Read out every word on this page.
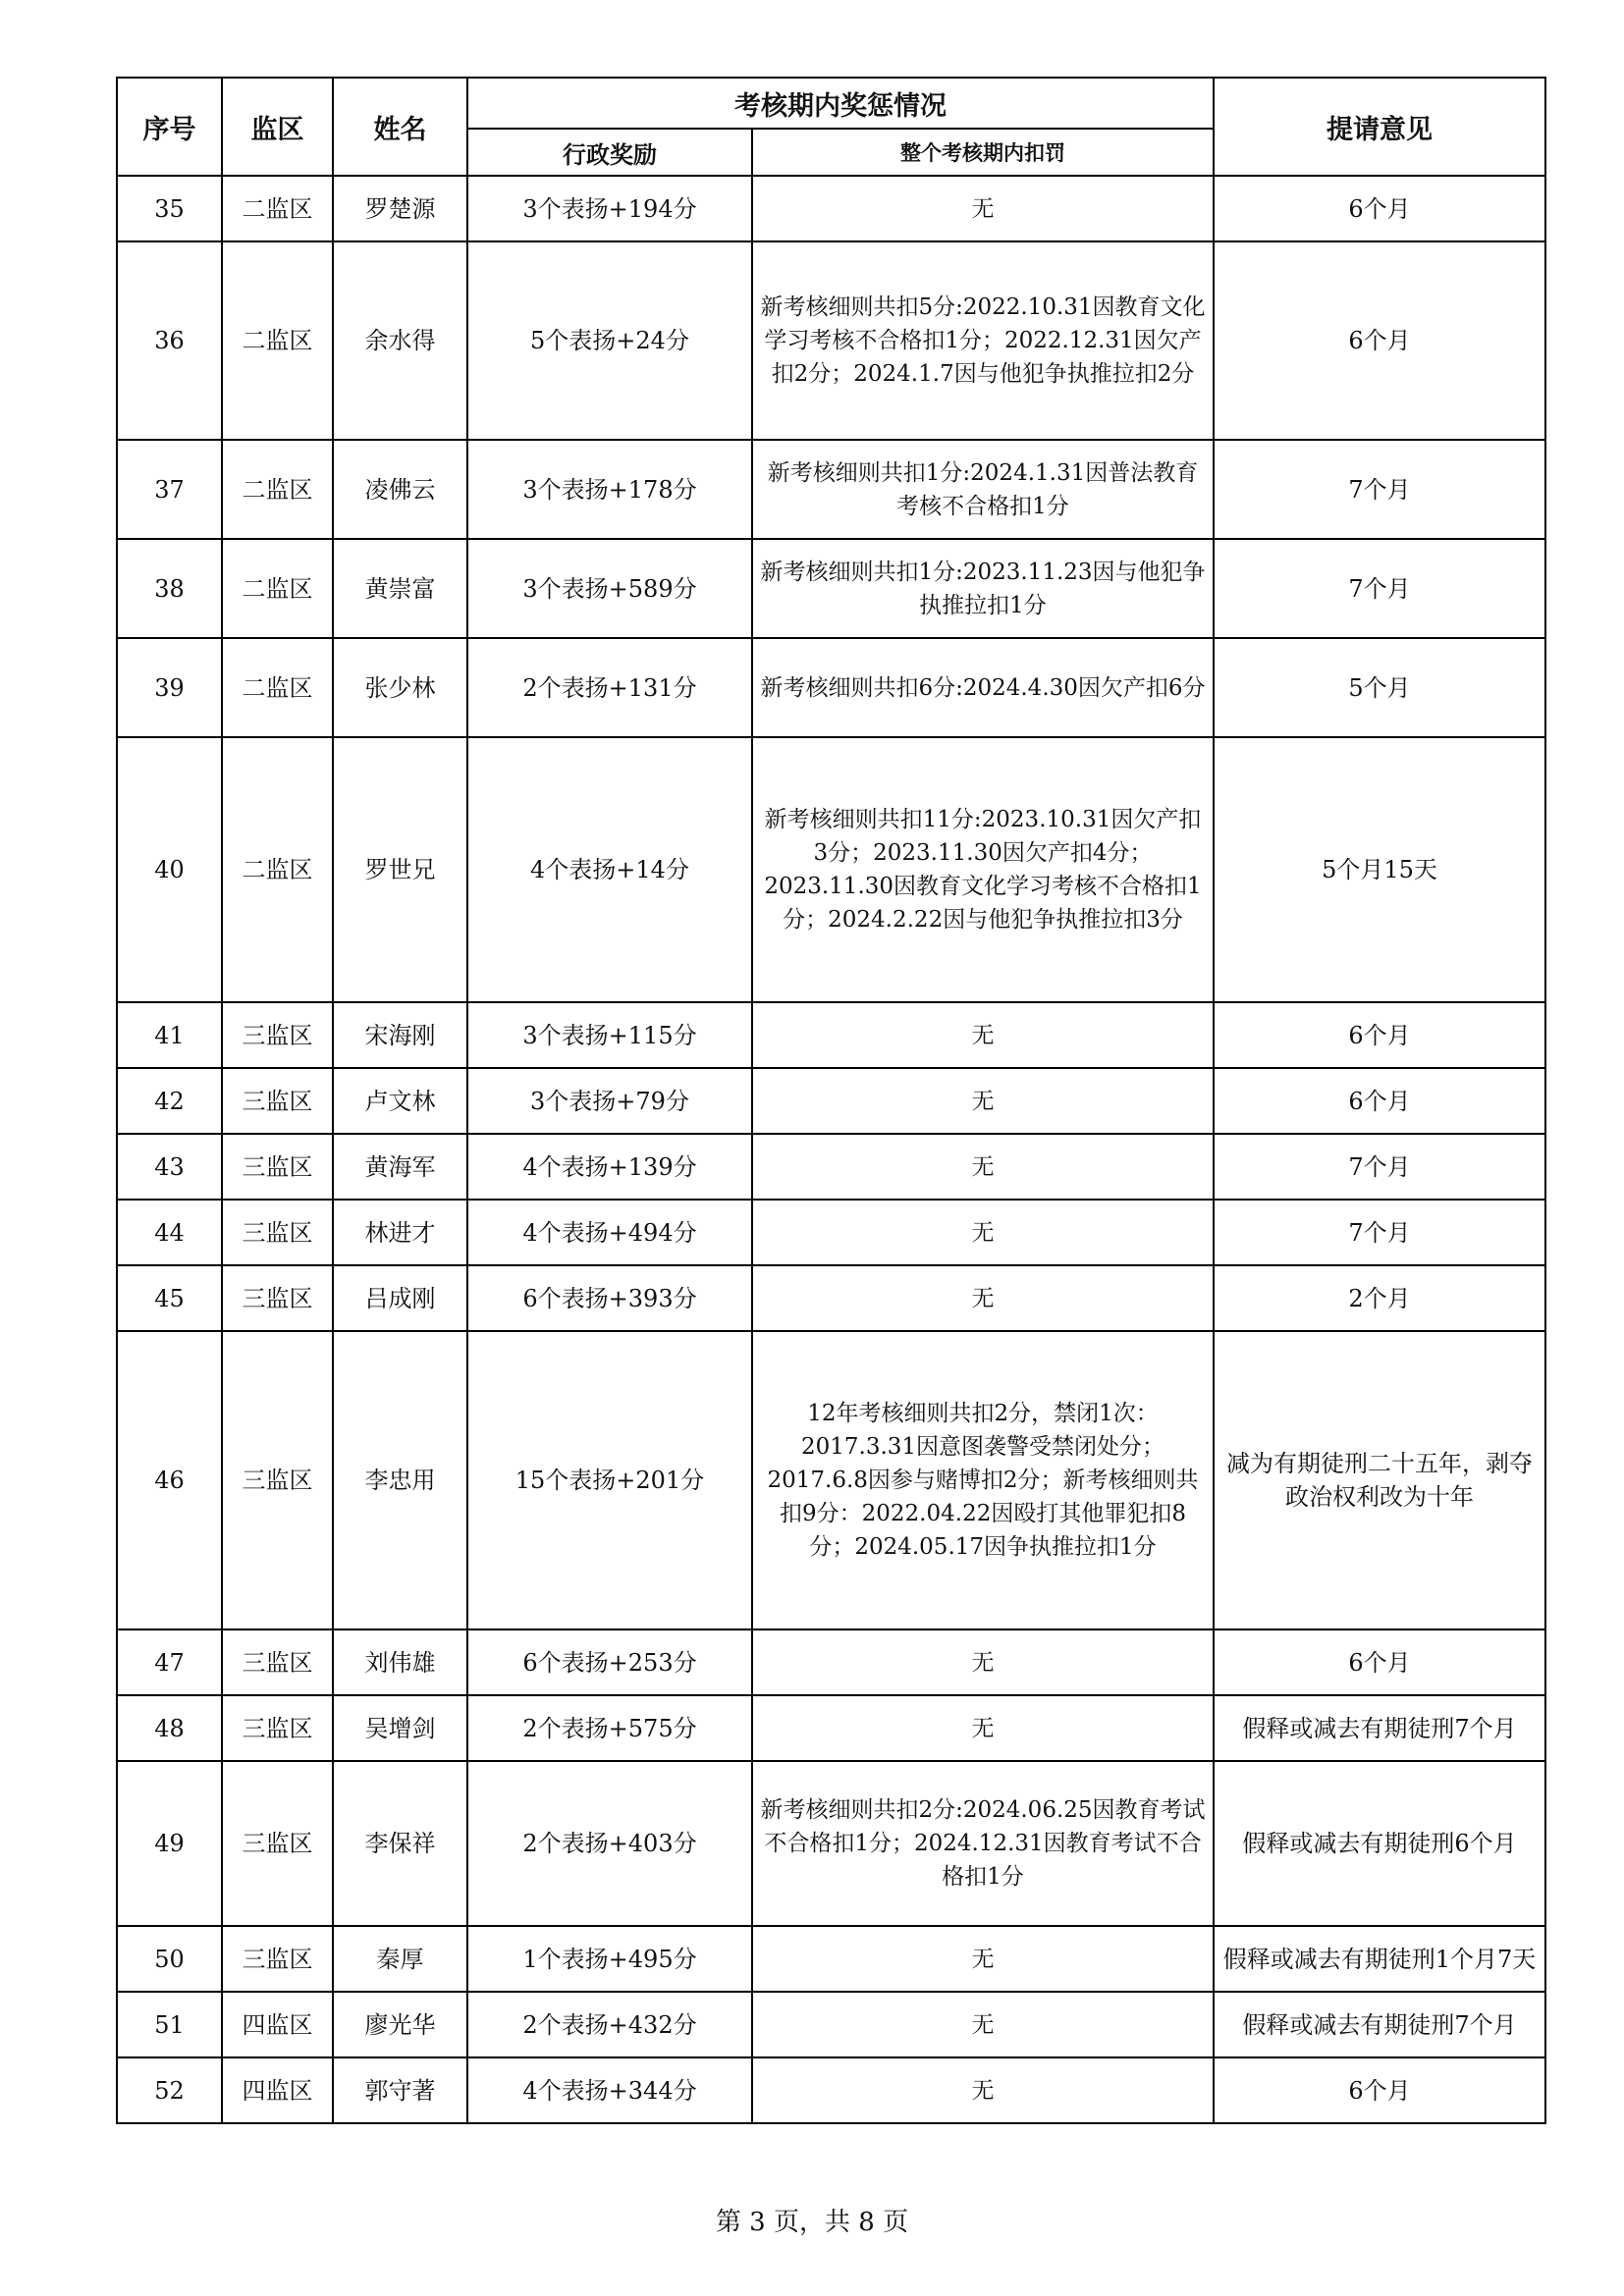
序号	监区	姓名	考核期内奖惩情况		提请意见
			行政奖励	整个考核期内扣罚	
35	二监区	罗楚源	3个表扬+194分	无	6个月
36	二监区	余水得	5个表扬+24分	新考核细则共扣5分:2022.10.31因教育文化学习考核不合格扣1分；2022.12.31因欠产扣2分；2024.1.7因与他犯争执推拉扣2分	6个月
37	二监区	凌佛云	3个表扬+178分	新考核细则共扣1分:2024.1.31因普法教育考核不合格扣1分	7个月
38	二监区	黄崇富	3个表扬+589分	新考核细则共扣1分:2023.11.23因与他犯争执推拉扣1分	7个月
39	二监区	张少林	2个表扬+131分	新考核细则共扣6分:2024.4.30因欠产扣6分	5个月
40	二监区	罗世兄	4个表扬+14分	新考核细则共扣11分:2023.10.31因欠产扣3分；2023.11.30因欠产扣4分；2023.11.30因教育文化学习考核不合格扣1分；2024.2.22因与他犯争执推拉扣3分	5个月15天
41	三监区	宋海刚	3个表扬+115分	无	6个月
42	三监区	卢文林	3个表扬+79分	无	6个月
43	三监区	黄海军	4个表扬+139分	无	7个月
44	三监区	林进才	4个表扬+494分	无	7个月
45	三监区	吕成刚	6个表扬+393分	无	2个月
46	三监区	李忠用	15个表扬+201分	12年考核细则共扣2分，禁闭1次：2017.3.31因意图袭警受禁闭处分；2017.6.8因参与赌博扣2分；新考核细则共扣9分：2022.04.22因殴打其他罪犯扣8分；2024.05.17因争执推拉扣1分	减为有期徒刑二十五年，剥夺政治权利改为十年
47	三监区	刘伟雄	6个表扬+253分	无	6个月
48	三监区	吴增剑	2个表扬+575分	无	假释或减去有期徒刑7个月
49	三监区	李保祥	2个表扬+403分	新考核细则共扣2分:2024.06.25因教育考试不合格扣1分；2024.12.31因教育考试不合格扣1分	假释或减去有期徒刑6个月
50	三监区	秦厚	1个表扬+495分	无	假释或减去有期徒刑1个月7天
51	四监区	廖光华	2个表扬+432分	无	假释或减去有期徒刑7个月
52	四监区	郭守著	4个表扬+344分	无	6个月
第 3 页，共 8 页
